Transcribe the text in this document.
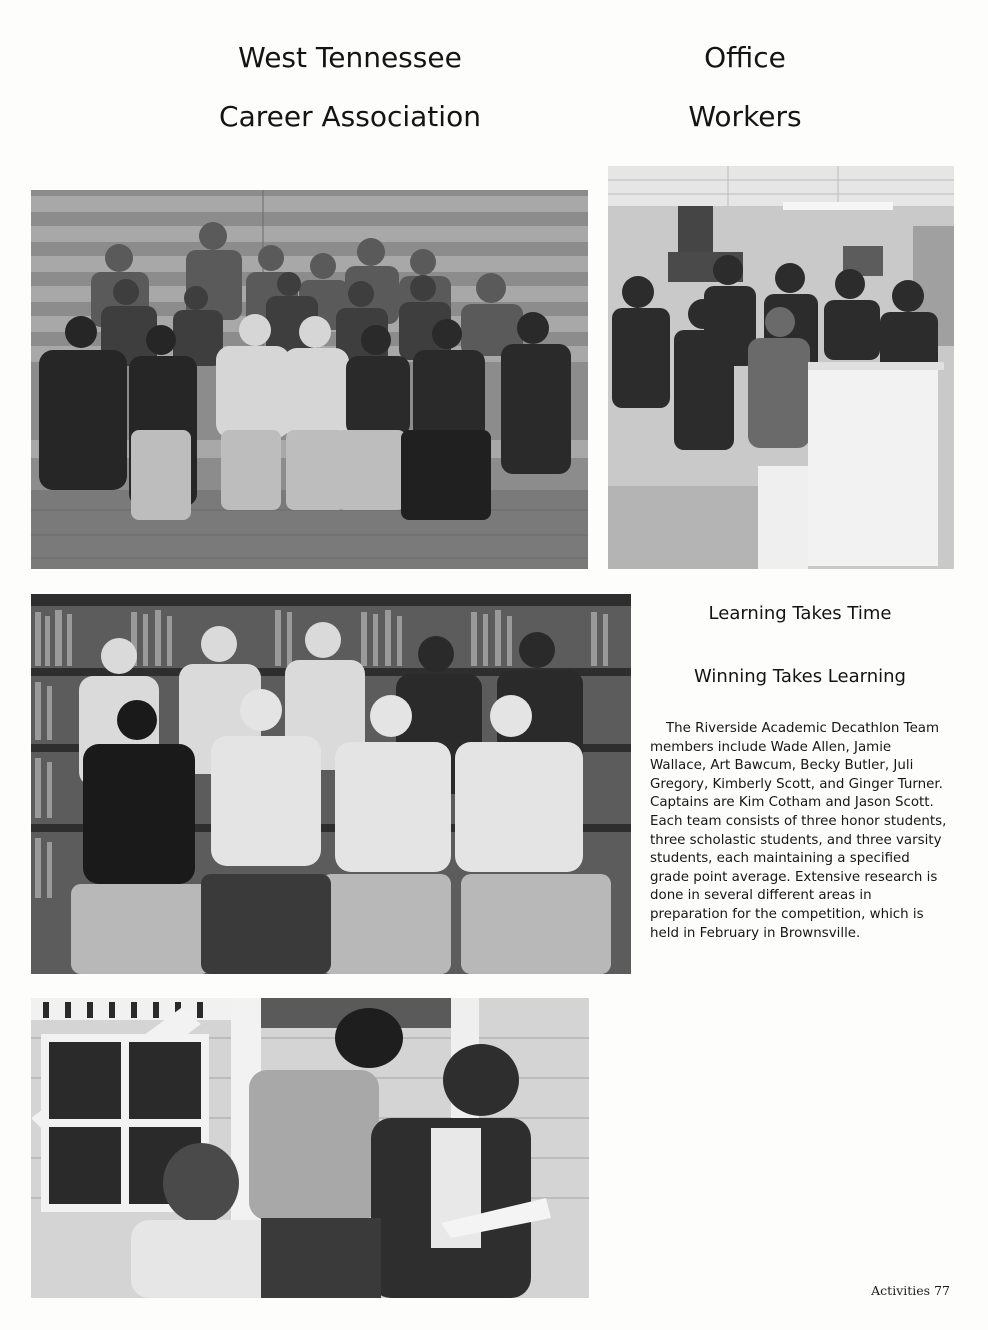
West Tennessee
Career Association
Office
Workers
Learning Takes Time
Winning Takes Learning

The Riverside Academic Decathlon Team members include Wade Allen, Jamie Wallace, Art Bawcum, Becky Butler, Juli Gregory, Kimberly Scott, and Ginger Turner. Captains are Kim Cotham and Jason Scott.

Each team consists of three honor students, three scholastic students, and three varsity students, each maintaining a specified grade point average. Extensive research is done in several different areas in preparation for the competition, which is held in February in Brownsville.

Activities 77
